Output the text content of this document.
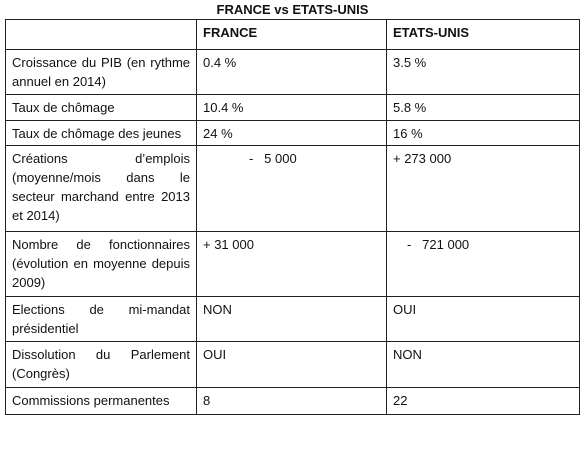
FRANCE vs ETATS-UNIS
	FRANCE	ETATS-UNIS
Croissance du PIB (en rythme annuel en 2014)	0.4 %	3.5 %
Taux de chômage	10.4 %	5.8 %
Taux de chômage des jeunes	24 %	16 %
Créations d’emplois (moyenne/mois dans le secteur marchand entre 2013 et 2014)	-   5 000	+ 273 000
Nombre de fonctionnaires (évolution en moyenne depuis 2009)	+ 31 000	-   721 000
Elections de mi-mandat présidentiel	NON	OUI
Dissolution du Parlement (Congrès)	OUI	NON
Commissions permanentes	8	22
